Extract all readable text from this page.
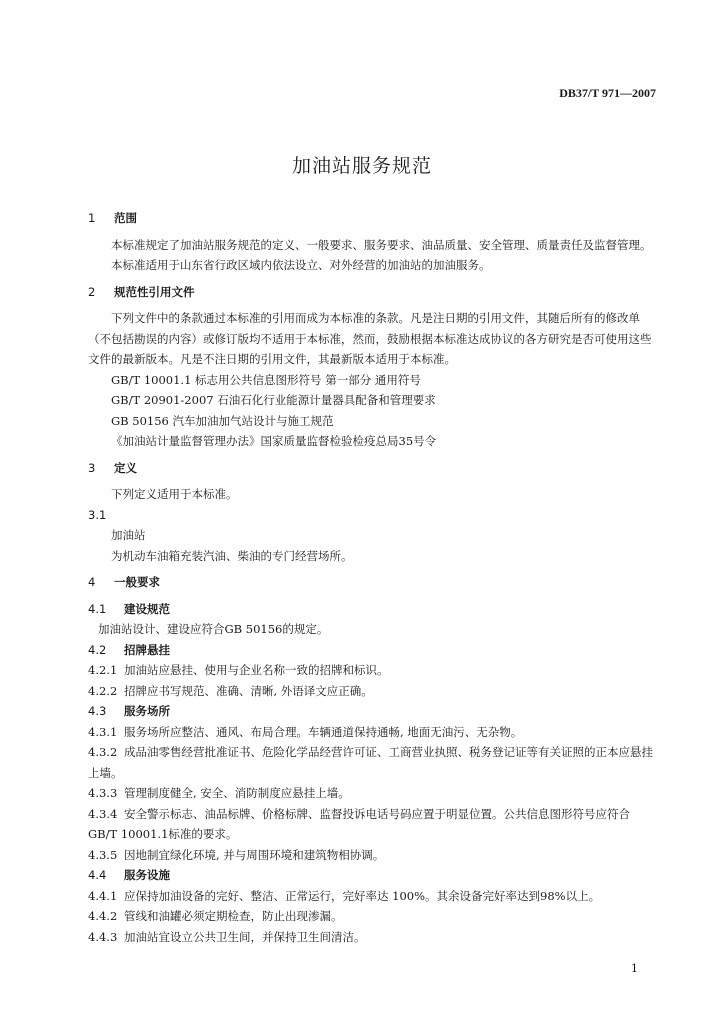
DB37/T 971—2007
加油站服务规范
1 范围

本标准规定了加油站服务规范的定义、一般要求、服务要求、油品质量、安全管理、质量责任及监督管理。

本标准适用于山东省行政区域内依法设立、对外经营的加油站的加油服务。

2 规范性引用文件

下列文件中的条款通过本标准的引用而成为本标准的条款。凡是注日期的引用文件，其随后所有的修改单（不包括勘误的内容）或修订版均不适用于本标准，然而，鼓励根据本标准达成协议的各方研究是否可使用这些文件的最新版本。凡是不注日期的引用文件，其最新版本适用于本标准。

GB/T 10001.1 标志用公共信息图形符号 第一部分 通用符号

GB/T 20901-2007 石油石化行业能源计量器具配备和管理要求

GB 50156 汽车加油加气站设计与施工规范

《加油站计量监督管理办法》国家质量监督检验检疫总局35号令

3 定义

下列定义适用于本标准。

3.1

加油站

为机动车油箱充装汽油、柴油的专门经营场所。

4 一般要求
4.1 建设规范

加油站设计、建设应符合GB 50156的规定。

4.2 招牌悬挂

4.2.1 加油站应悬挂、使用与企业名称一致的招牌和标识。

4.2.2 招牌应书写规范、准确、清晰, 外语译文应正确。

4.3 服务场所

4.3.1 服务场所应整洁、通风、布局合理。车辆通道保持通畅, 地面无油污、无杂物。

4.3.2 成品油零售经营批准证书、危险化学品经营许可证、工商营业执照、税务登记证等有关证照的正本应悬挂上墙。

4.3.3 管理制度健全, 安全、消防制度应悬挂上墙。

4.3.4 安全警示标志、油品标牌、价格标牌、监督投诉电话号码应置于明显位置。公共信息图形符号应符合GB/T 10001.1标准的要求。

4.3.5 因地制宜绿化环境, 并与周围环境和建筑物相协调。

4.4 服务设施

4.4.1 应保持加油设备的完好、整洁、正常运行，完好率达 100%。其余设备完好率达到98%以上。

4.4.2 管线和油罐必须定期检查，防止出现渗漏。

4.4.3 加油站宜设立公共卫生间，并保持卫生间清洁。

1
